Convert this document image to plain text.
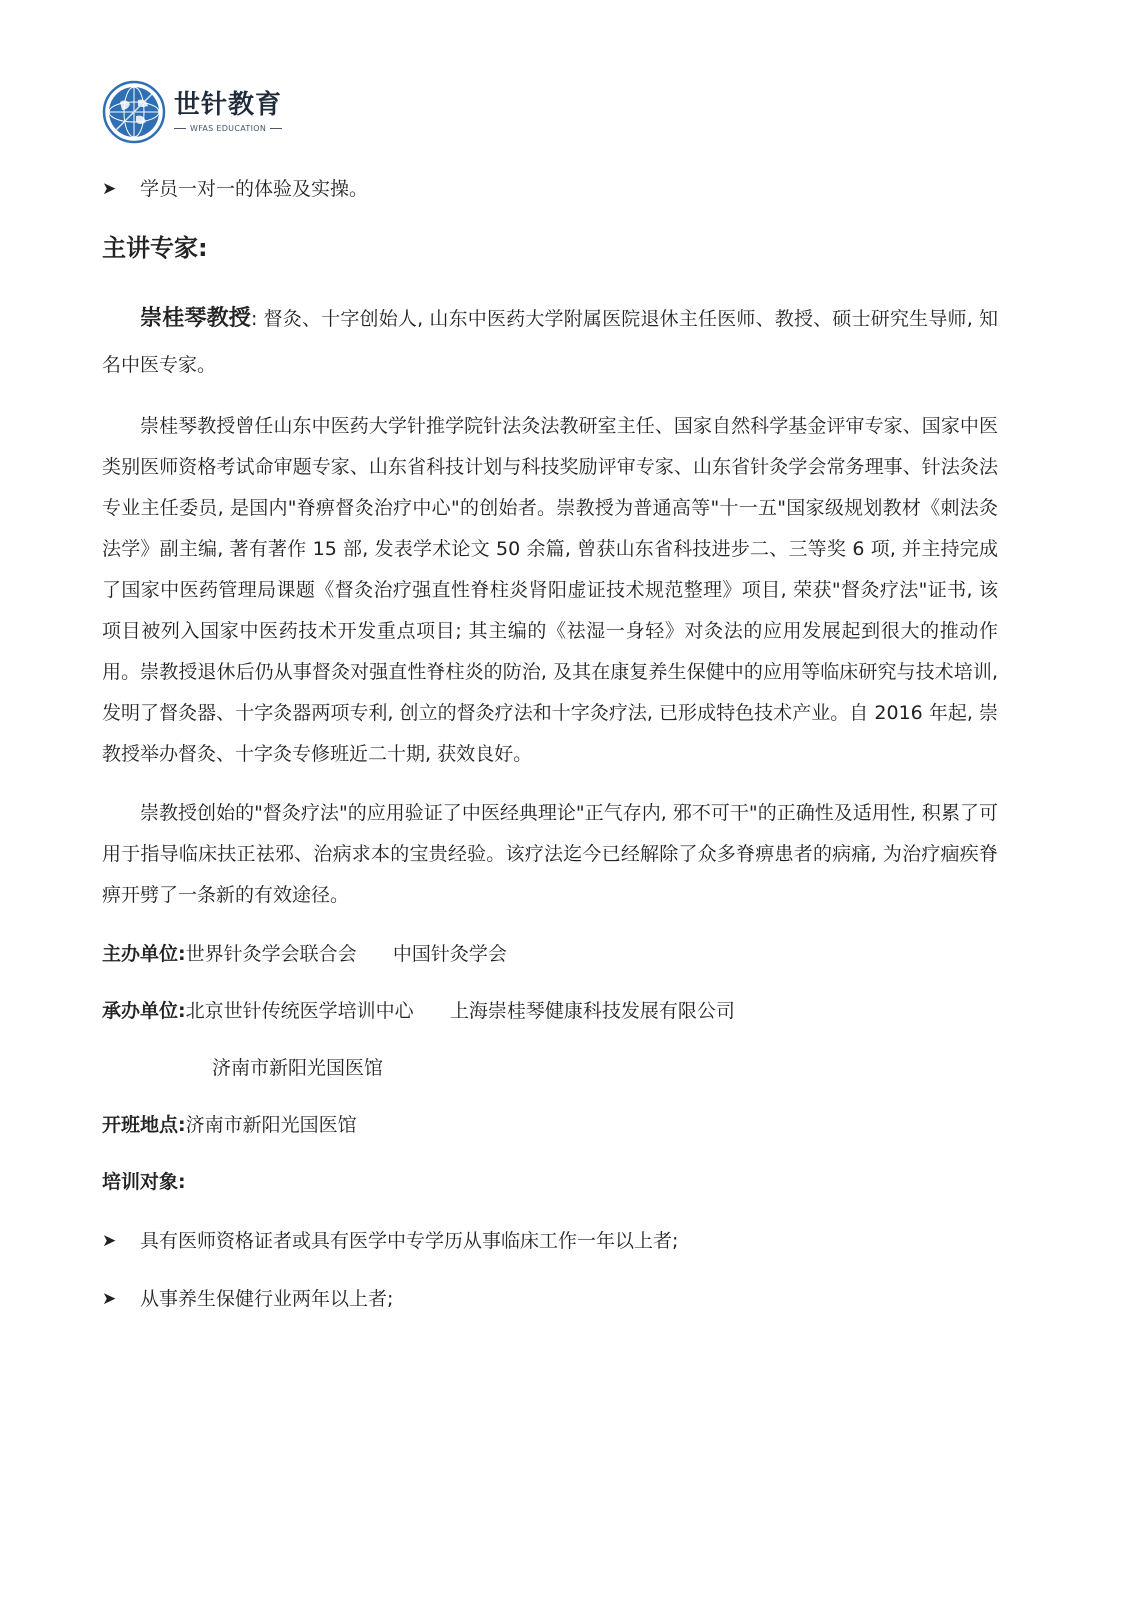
世针教育
WFAS EDUCATION
➤	学员一对一的体验及实操。
主讲专家:

崇桂琴教授: 督灸、十字创始人, 山东中医药大学附属医院退休主任医师、教授、硕士研究生导师, 知名中医专家。

崇桂琴教授曾任山东中医药大学针推学院针法灸法教研室主任、国家自然科学基金评审专家、国家中医类别医师资格考试命审题专家、山东省科技计划与科技奖励评审专家、山东省针灸学会常务理事、针法灸法专业主任委员, 是国内"脊痹督灸治疗中心"的创始者。崇教授为普通高等"十一五"国家级规划教材《刺法灸法学》副主编, 著有著作 15 部, 发表学术论文 50 余篇, 曾获山东省科技进步二、三等奖 6 项, 并主持完成了国家中医药管理局课题《督灸治疗强直性脊柱炎肾阳虚证技术规范整理》项目, 荣获"督灸疗法"证书, 该项目被列入国家中医药技术开发重点项目; 其主编的《祛湿一身轻》对灸法的应用发展起到很大的推动作用。崇教授退休后仍从事督灸对强直性脊柱炎的防治, 及其在康复养生保健中的应用等临床研究与技术培训, 发明了督灸器、十字灸器两项专利, 创立的督灸疗法和十字灸疗法, 已形成特色技术产业。自 2016 年起, 崇教授举办督灸、十字灸专修班近二十期, 获效良好。

崇教授创始的"督灸疗法"的应用验证了中医经典理论"正气存内, 邪不可干"的正确性及适用性, 积累了可用于指导临床扶正祛邪、治病求本的宝贵经验。该疗法迄今已经解除了众多脊痹患者的病痛, 为治疗痼疾脊痹开劈了一条新的有效途径。

主办单位: 世界针灸学会联合会      中国针灸学会
承办单位: 北京世针传统医学培训中心      上海崇桂琴健康科技发展有限公司
济南市新阳光国医馆
开班地点: 济南市新阳光国医馆
培训对象:
➤	具有医师资格证者或具有医学中专学历从事临床工作一年以上者;
➤	从事养生保健行业两年以上者;
